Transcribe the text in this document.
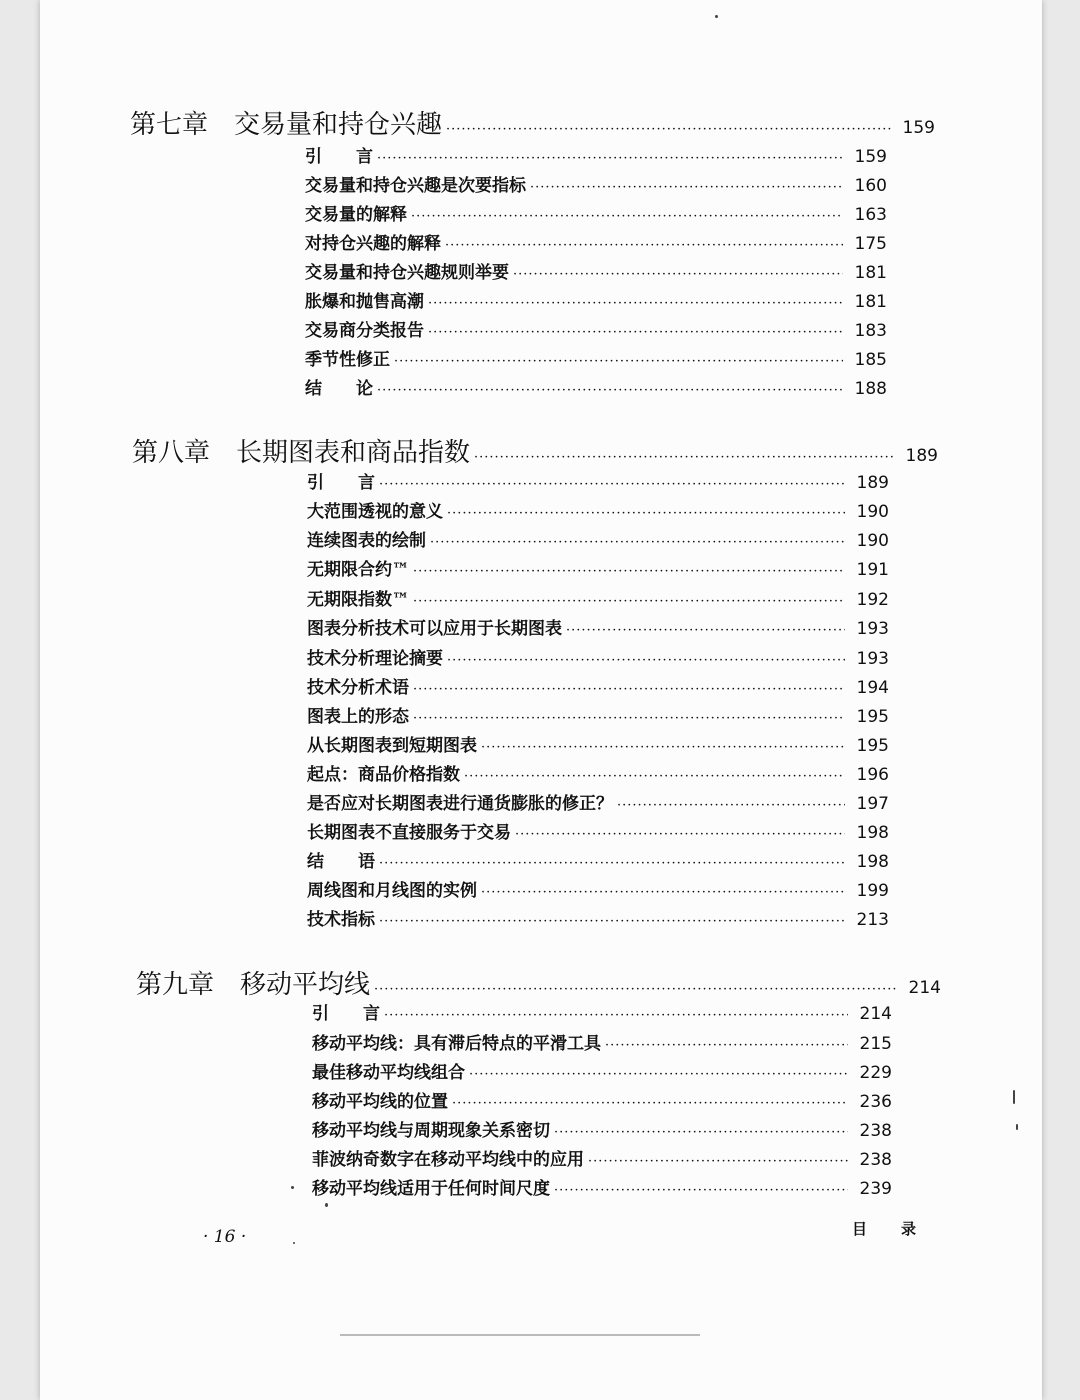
第七章 交易量和持仓兴趣 ·····	159
引　　言 ·····	159
交易量和持仓兴趣是次要指标 ·····	160
交易量的解释 ·····	163
对持仓兴趣的解释 ·····	175
交易量和持仓兴趣规则举要 ·····	181
胀爆和抛售高潮 ·····	181
交易商分类报告 ·····	183
季节性修正 ·····	185
结　　论 ·····	188
第八章 长期图表和商品指数 ·····	189
引　　言 ·····	189
大范围透视的意义 ·····	190
连续图表的绘制 ·····	190
无期限合约™ ·····	191
无期限指数™ ·····	192
图表分析技术可以应用于长期图表 ·····	193
技术分析理论摘要 ·····	193
技术分析术语 ·····	194
图表上的形态 ·····	195
从长期图表到短期图表 ·····	195
起点：商品价格指数 ·····	196
是否应对长期图表进行通货膨胀的修正？ ·····	197
长期图表不直接服务于交易 ·····	198
结　　语 ·····	198
周线图和月线图的实例 ·····	199
技术指标 ·····	213
第九章 移动平均线 ·····	214
引　　言 ·····	214
移动平均线：具有滞后特点的平滑工具 ·····	215
最佳移动平均线组合 ·····	229
移动平均线的位置 ·····	236
移动平均线与周期现象关系密切 ·····	238
菲波纳奇数字在移动平均线中的应用 ·····	238
移动平均线适用于任何时间尺度 ·····	239
· 16 ·	目录
